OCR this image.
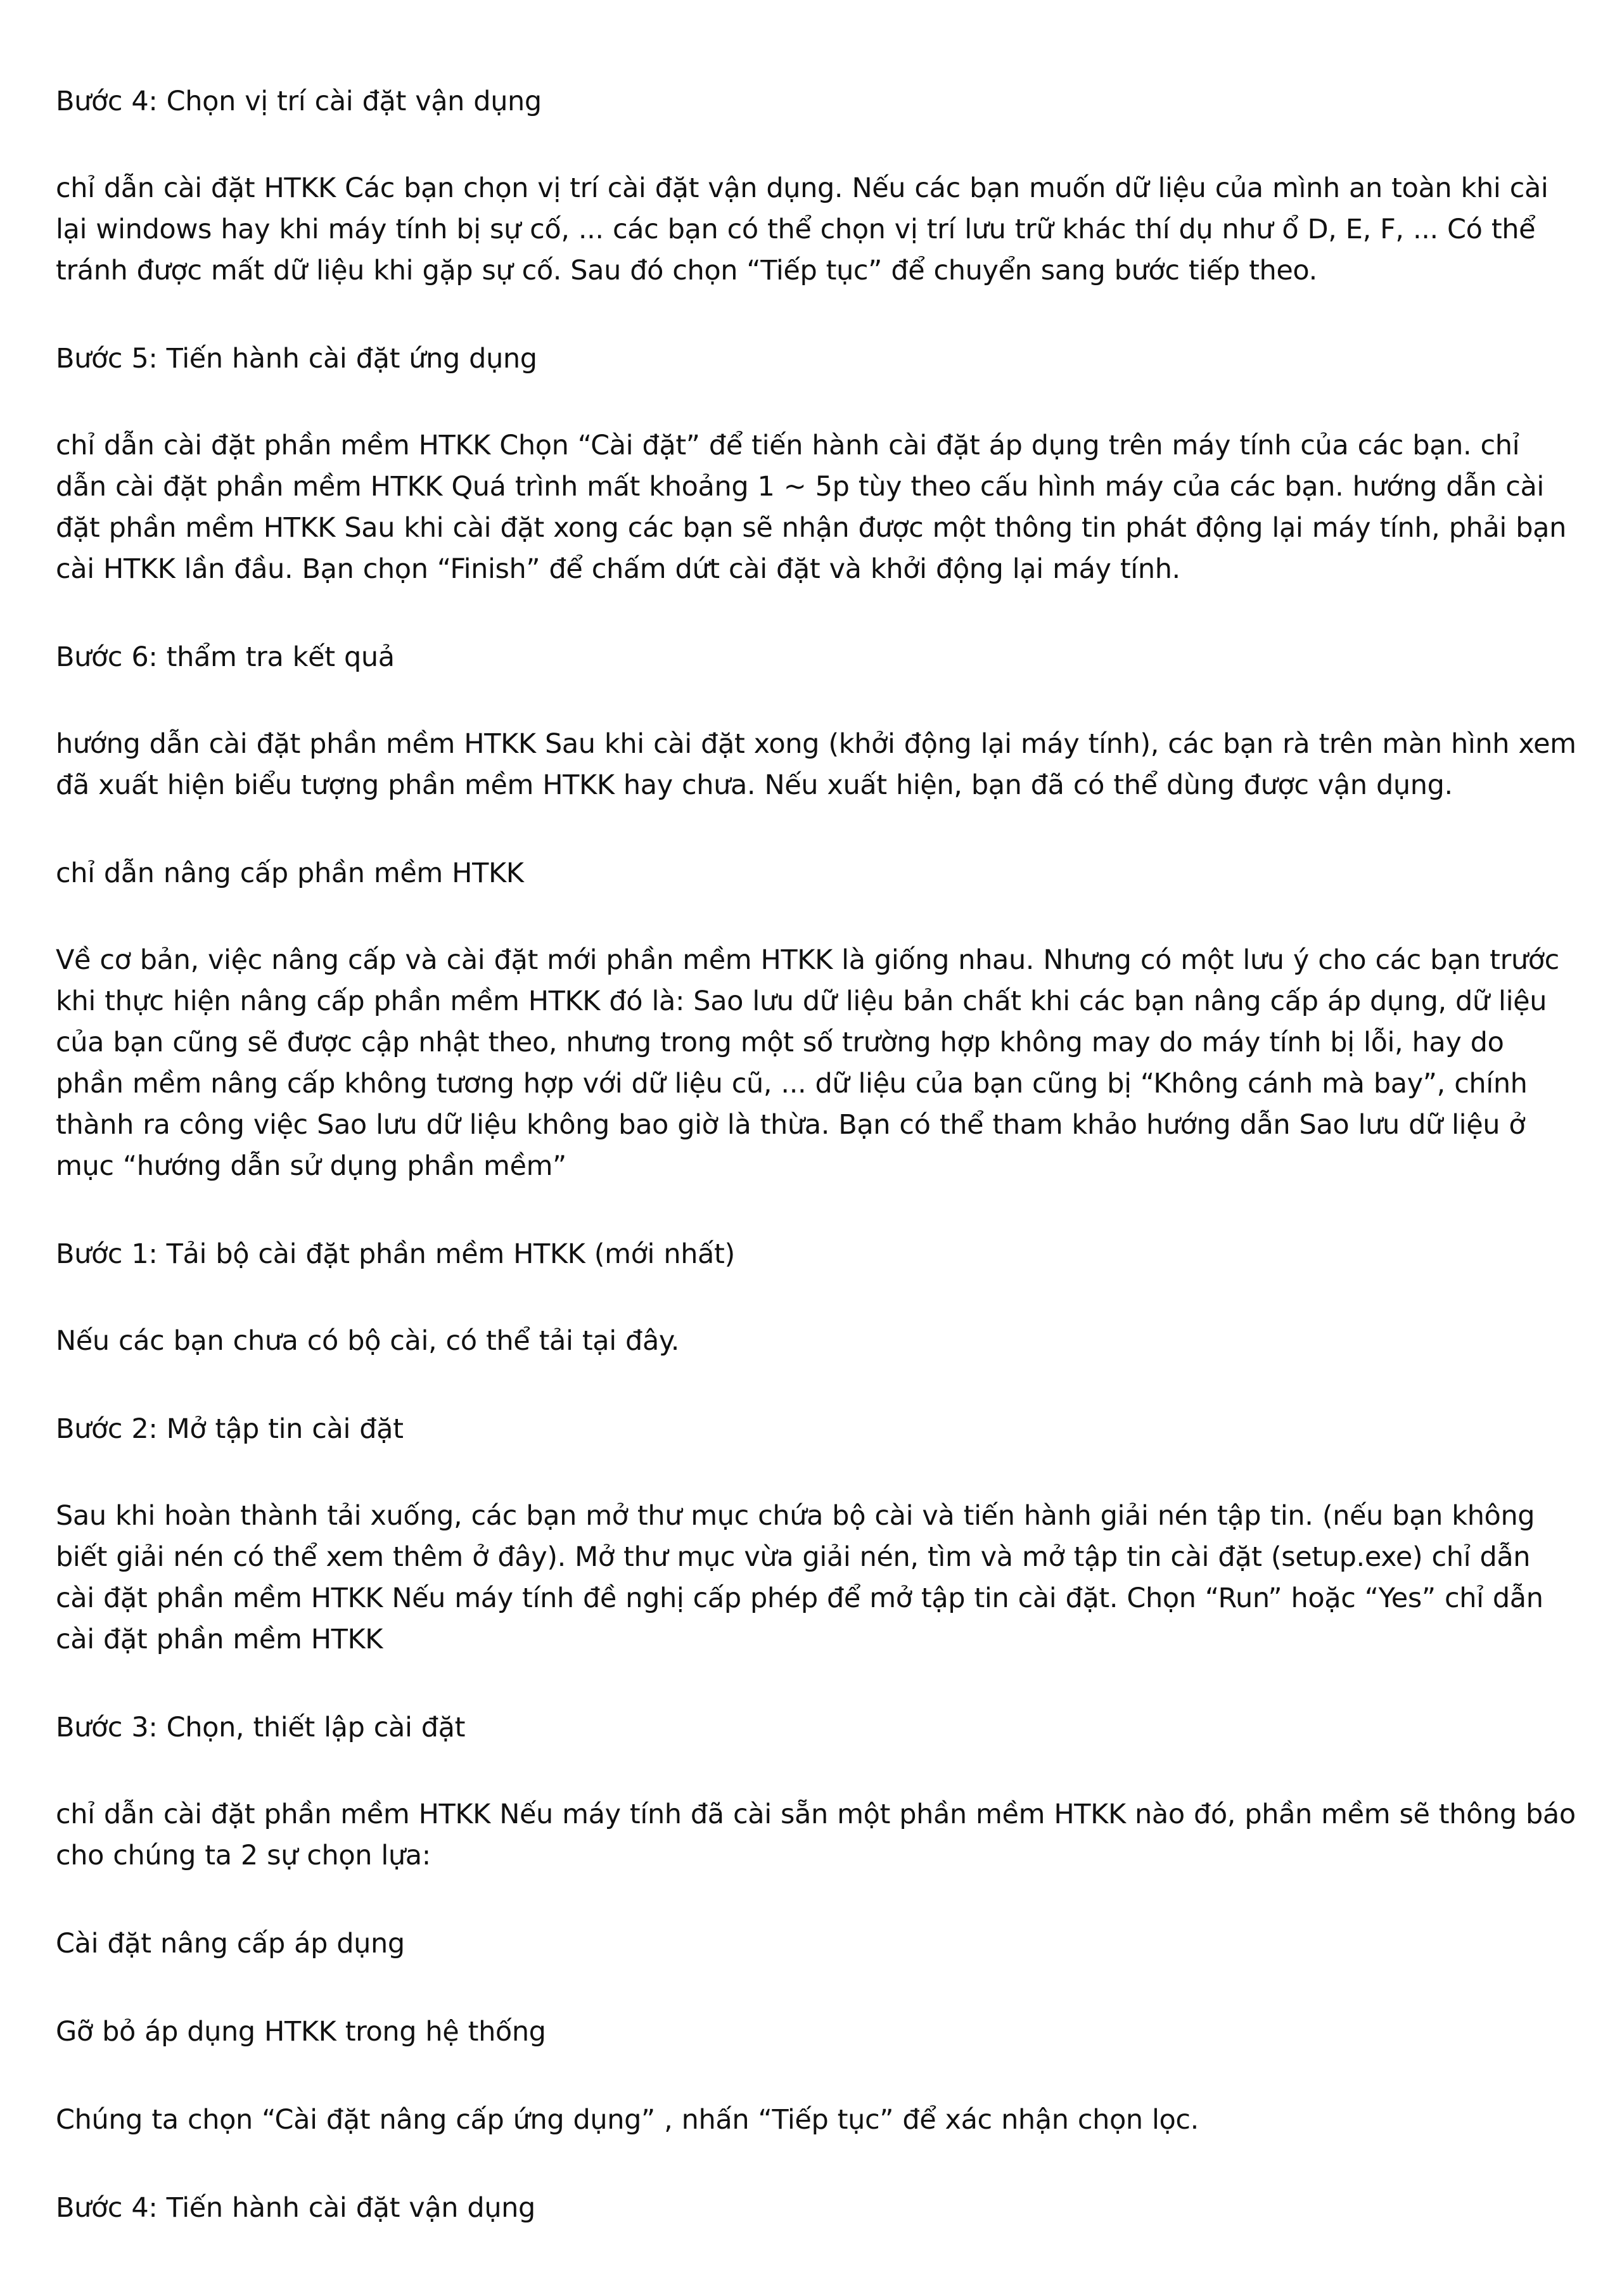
Bước 4: Chọn vị trí cài đặt vận dụng

chỉ dẫn cài đặt HTKK Các bạn chọn vị trí cài đặt vận dụng. Nếu các bạn muốn dữ liệu của mình an toàn khi cài lại windows hay khi máy tính bị sự cố, ... các bạn có thể chọn vị trí lưu trữ khác thí dụ như ổ D, E, F, ... Có thể tránh được mất dữ liệu khi gặp sự cố. Sau đó chọn “Tiếp tục” để chuyển sang bước tiếp theo.

Bước 5: Tiến hành cài đặt ứng dụng

chỉ dẫn cài đặt phần mềm HTKK Chọn “Cài đặt” để tiến hành cài đặt áp dụng trên máy tính của các bạn. chỉ dẫn cài đặt phần mềm HTKK Quá trình mất khoảng 1 ~ 5p tùy theo cấu hình máy của các bạn. hướng dẫn cài đặt phần mềm HTKK Sau khi cài đặt xong các bạn sẽ nhận được một thông tin phát động lại máy tính, phải bạn cài HTKK lần đầu. Bạn chọn “Finish” để chấm dứt cài đặt và khởi động lại máy tính.

Bước 6: thẩm tra kết quả

hướng dẫn cài đặt phần mềm HTKK Sau khi cài đặt xong (khởi động lại máy tính), các bạn rà trên màn hình xem đã xuất hiện biểu tượng phần mềm HTKK hay chưa. Nếu xuất hiện, bạn đã có thể dùng được vận dụng.

chỉ dẫn nâng cấp phần mềm HTKK

Về cơ bản, việc nâng cấp và cài đặt mới phần mềm HTKK là giống nhau. Nhưng có một lưu ý cho các bạn trước khi thực hiện nâng cấp phần mềm HTKK đó là: Sao lưu dữ liệu bản chất khi các bạn nâng cấp áp dụng, dữ liệu của bạn cũng sẽ được cập nhật theo, nhưng trong một số trường hợp không may do máy tính bị lỗi, hay do phần mềm nâng cấp không tương hợp với dữ liệu cũ, ... dữ liệu của bạn cũng bị “Không cánh mà bay”, chính thành ra công việc Sao lưu dữ liệu không bao giờ là thừa. Bạn có thể tham khảo hướng dẫn Sao lưu dữ liệu ở mục “hướng dẫn sử dụng phần mềm”

Bước 1: Tải bộ cài đặt phần mềm HTKK (mới nhất)

Nếu các bạn chưa có bộ cài, có thể tải tại đây.

Bước 2: Mở tập tin cài đặt

Sau khi hoàn thành tải xuống, các bạn mở thư mục chứa bộ cài và tiến hành giải nén tập tin. (nếu bạn không biết giải nén có thể xem thêm ở đây). Mở thư mục vừa giải nén, tìm và mở tập tin cài đặt (setup.exe) chỉ dẫn cài đặt phần mềm HTKK Nếu máy tính đề nghị cấp phép để mở tập tin cài đặt. Chọn “Run” hoặc “Yes” chỉ dẫn cài đặt phần mềm HTKK

Bước 3: Chọn, thiết lập cài đặt

chỉ dẫn cài đặt phần mềm HTKK Nếu máy tính đã cài sẵn một phần mềm HTKK nào đó, phần mềm sẽ thông báo cho chúng ta 2 sự chọn lựa:

Cài đặt nâng cấp áp dụng

Gỡ bỏ áp dụng HTKK trong hệ thống

Chúng ta chọn “Cài đặt nâng cấp ứng dụng” , nhấn “Tiếp tục” để xác nhận chọn lọc.

Bước 4: Tiến hành cài đặt vận dụng
